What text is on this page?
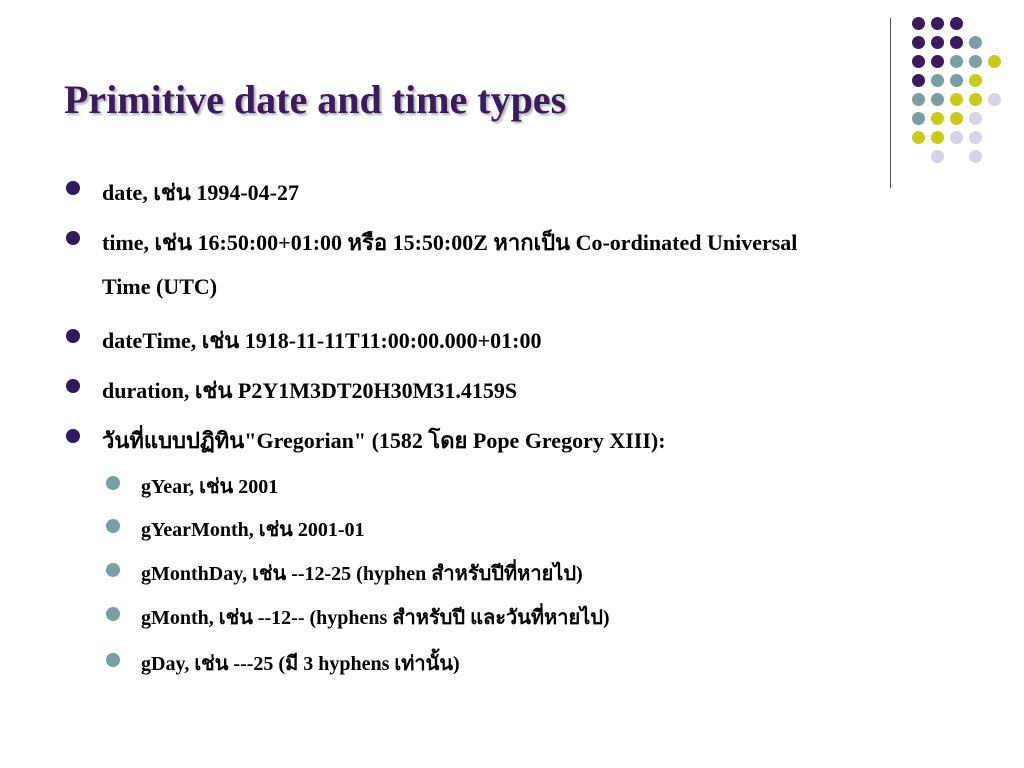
Primitive date and time types
date, เช่น 1994-04-27
time, เช่น 16:50:00+01:00 หรือ 15:50:00Z หากเป็น Co-ordinated Universal
Time (UTC)
dateTime, เช่น 1918-11-11T11:00:00.000+01:00
duration, เช่น P2Y1M3DT20H30M31.4159S
วันที่แบบปฏิทิน"Gregorian" (1582 โดย Pope Gregory XIII):
gYear, เช่น 2001
gYearMonth, เช่น 2001-01
gMonthDay, เช่น --12-25 (hyphen สำหรับปีที่หายไป)
gMonth, เช่น --12-- (hyphens สำหรับปี และวันที่หายไป)
gDay, เช่น ---25 (มี 3 hyphens เท่านั้น)
